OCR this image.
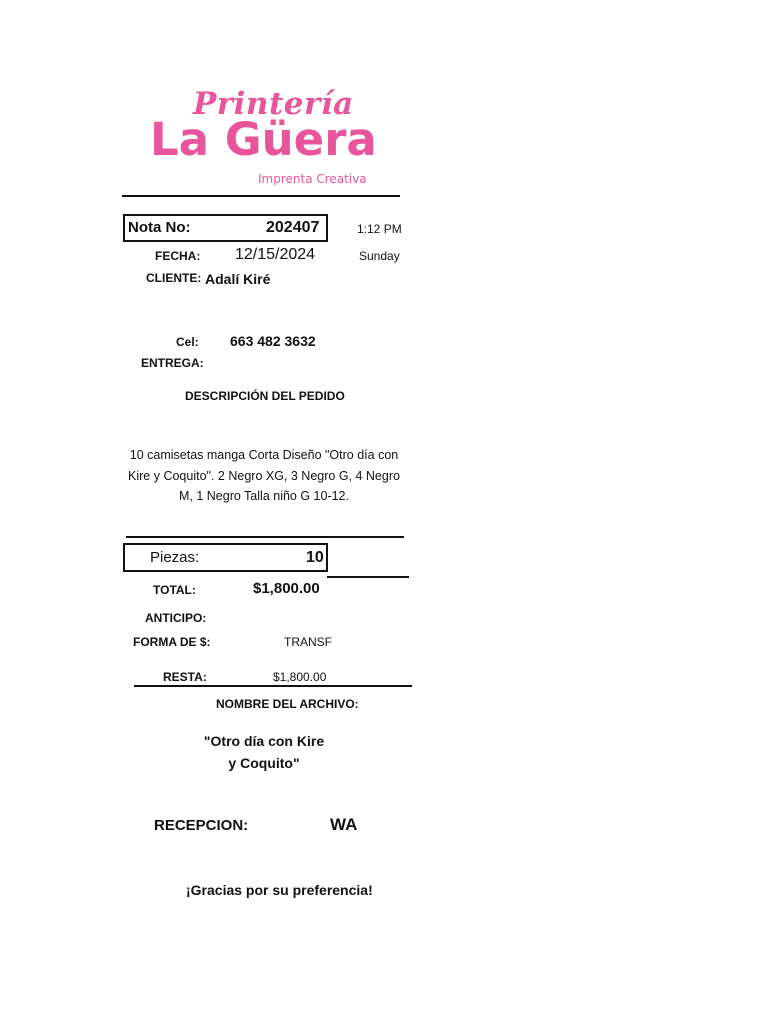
Printería
La Güera
Imprenta Creativa
Nota No:	202407	1:12 PM
FECHA: 12/15/2024	Sunday
CLIENTE: Adalí Kiré
Cel: 663 482 3632
ENTREGA:
DESCRIPCIÓN DEL PEDIDO
10 camisetas manga Corta Diseño "Otro día con Kire y Coquito". 2 Negro XG, 3 Negro G, 4 Negro M, 1 Negro Talla niño G 10-12.
Piezas:	10
TOTAL:	$1,800.00
ANTICIPO:
FORMA DE $:	TRANSF
RESTA:	$1,800.00
NOMBRE DEL ARCHIVO:
"Otro día con Kire
y Coquito"
RECEPCION:	WA
¡Gracias por su preferencia!
